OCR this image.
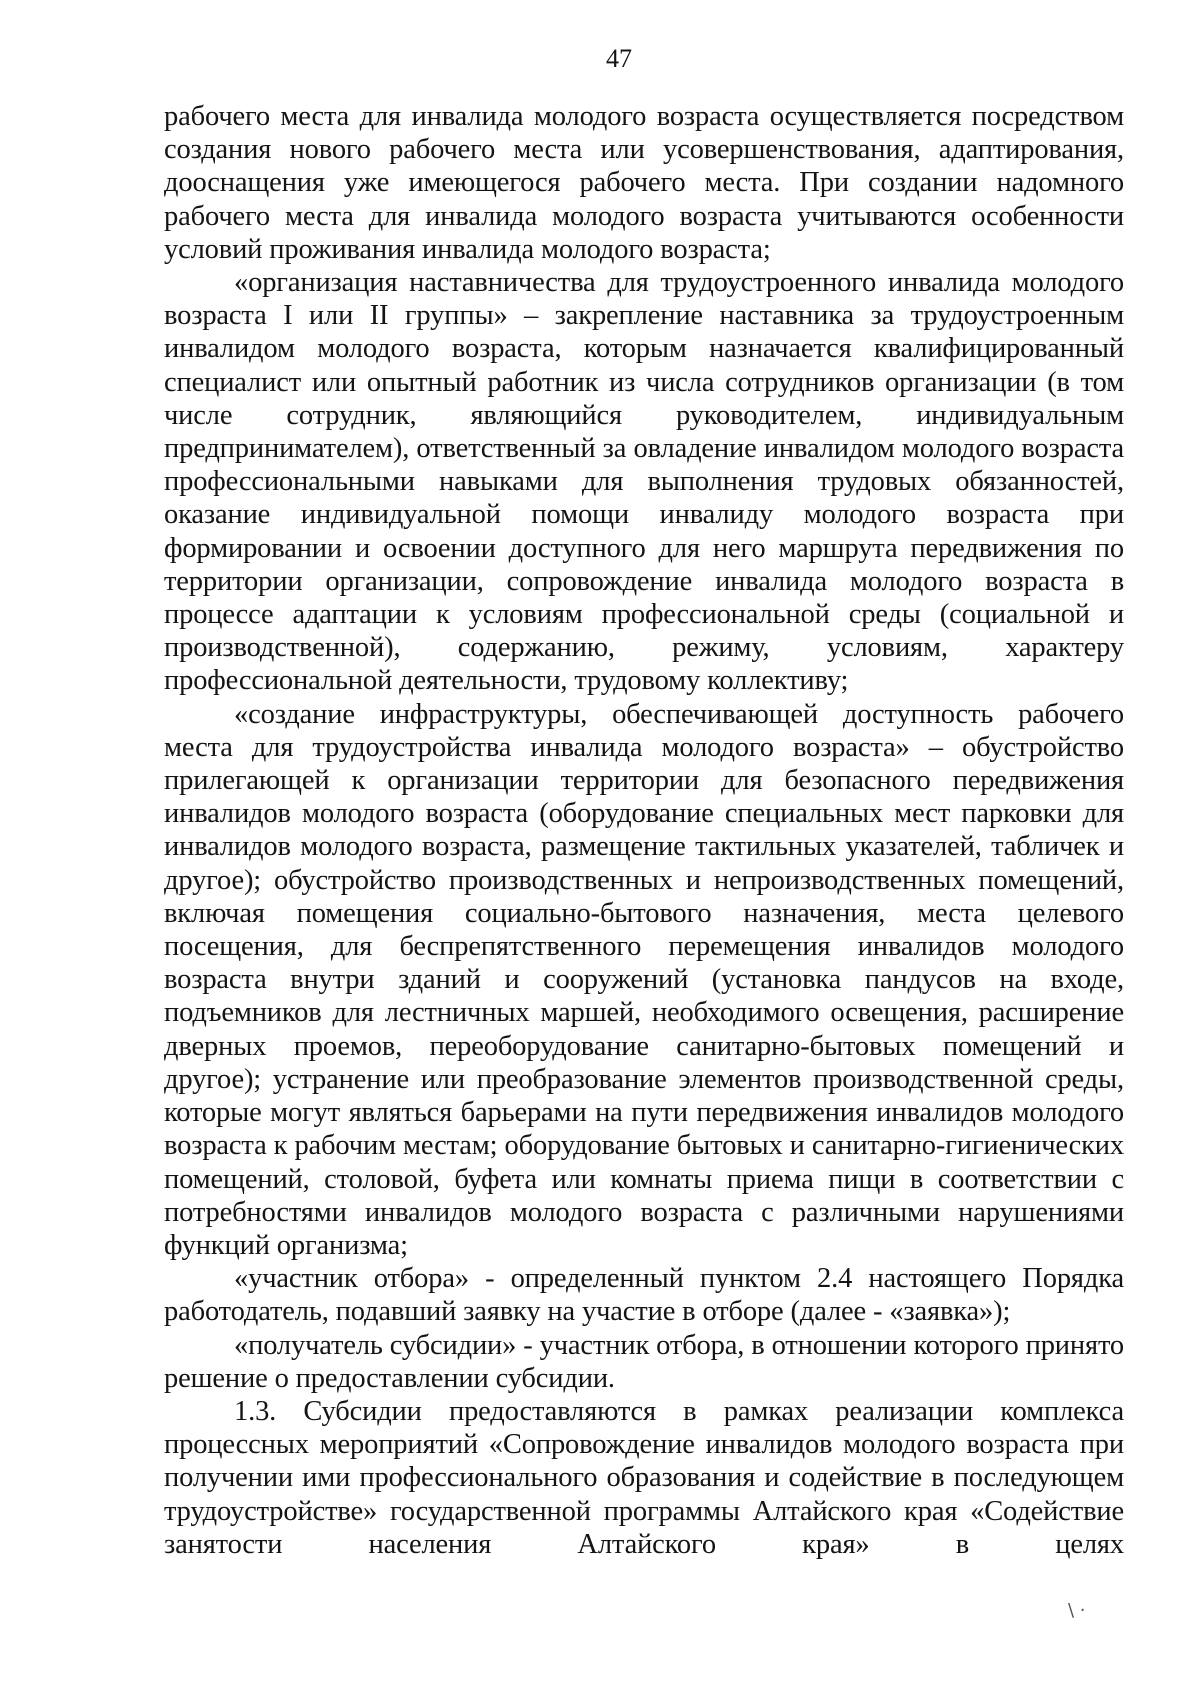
47

рабочего места для инвалида молодого возраста осуществляется посредством создания нового рабочего места или усовершенствования, адаптирования, дооснащения уже имеющегося рабочего места. При создании надомного рабочего места для инвалида молодого возраста учитываются особенности условий проживания инвалида молодого возраста;

«организация наставничества для трудоустроенного инвалида молодого возраста I или II группы» – закрепление наставника за трудоустроенным инвалидом молодого возраста, которым назначается квалифицированный специалист или опытный работник из числа сотрудников организации (в том числе сотрудник, являющийся руководителем, индивидуальным предпринимателем), ответственный за овладение инвалидом молодого возраста профессиональными навыками для выполнения трудовых обязанностей, оказание индивидуальной помощи инвалиду молодого возраста при формировании и освоении доступного для него маршрута передвижения по территории организации, сопровождение инвалида молодого возраста в процессе адаптации к условиям профессиональной среды (социальной и производственной), содержанию, режиму, условиям, характеру профессиональной деятельности, трудовому коллективу;

«создание инфраструктуры, обеспечивающей доступность рабочего места для трудоустройства инвалида молодого возраста» – обустройство прилегающей к организации территории для безопасного передвижения инвалидов молодого возраста (оборудование специальных мест парковки для инвалидов молодого возраста, размещение тактильных указателей, табличек и другое); обустройство производственных и непроизводственных помещений, включая помещения социально-бытового назначения, места целевого посещения, для беспрепятственного перемещения инвалидов молодого возраста внутри зданий и сооружений (установка пандусов на входе, подъемников для лестничных маршей, необходимого освещения, расширение дверных проемов, переоборудование санитарно-бытовых помещений и другое); устранение или преобразование элементов производственной среды, которые могут являться барьерами на пути передвижения инвалидов молодого возраста к рабочим местам; оборудование бытовых и санитарно-гигиенических помещений, столовой, буфета или комнаты приема пищи в соответствии с потребностями инвалидов молодого возраста с различными нарушениями функций организма;

«участник отбора» - определенный пунктом 2.4 настоящего Порядка работодатель, подавший заявку на участие в отборе (далее - «заявка»);

«получатель субсидии» - участник отбора, в отношении которого принято решение о предоставлении субсидии.

1.3. Субсидии предоставляются в рамках реализации комплекса процессных мероприятий «Сопровождение инвалидов молодого возраста при получении ими профессионального образования и содействие в последующем трудоустройстве» государственной программы Алтайского края «Содействие занятости населения Алтайского края» в целях

\ ·
